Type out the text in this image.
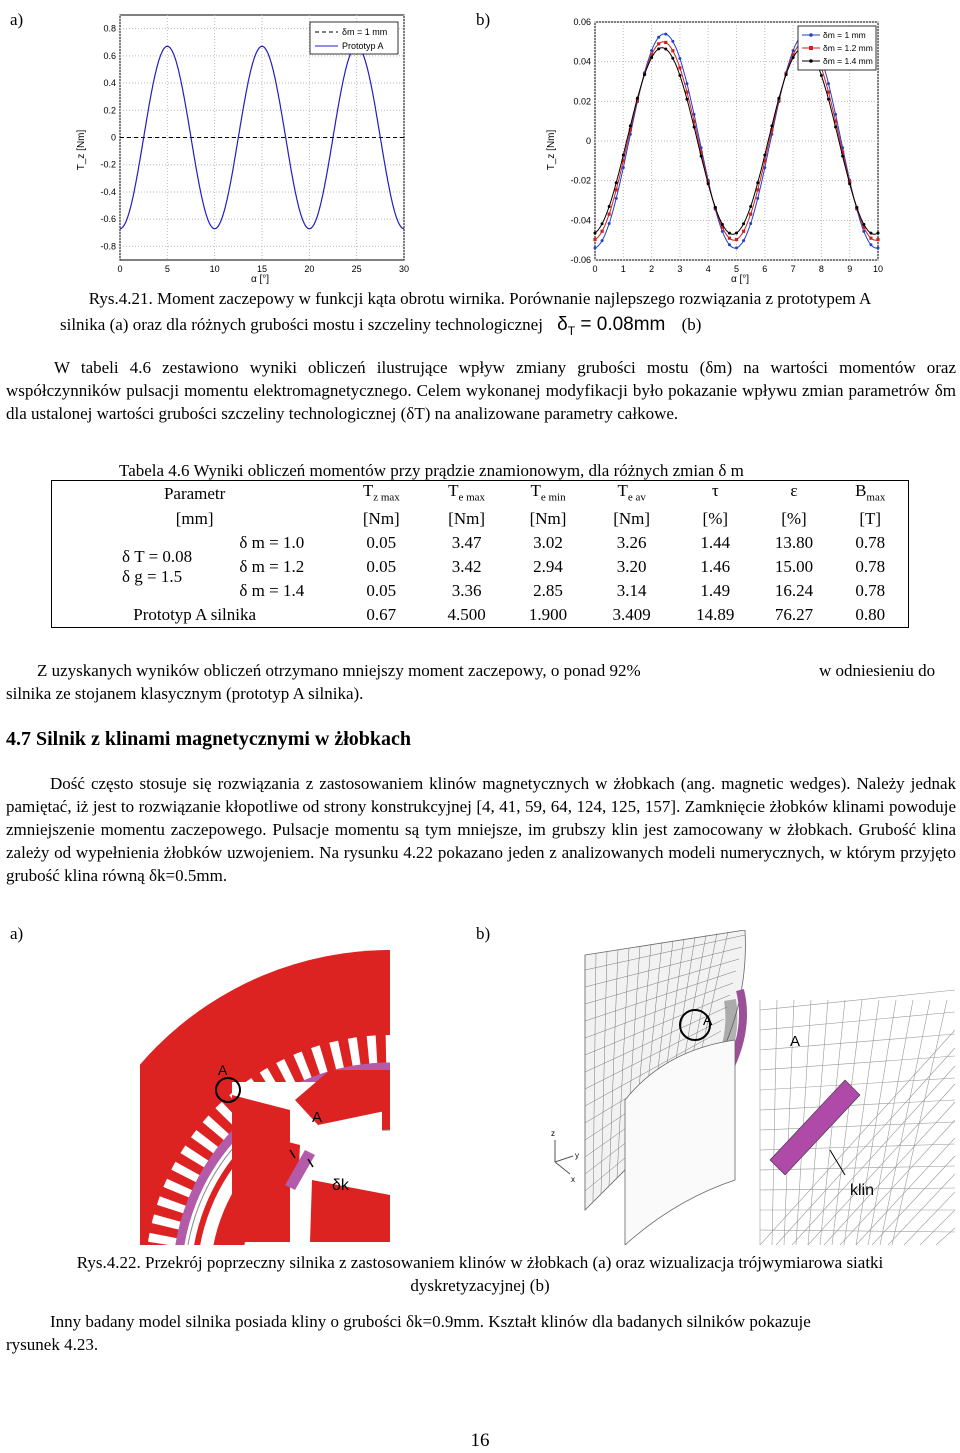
a)	b)
T_z [Nm]
α [°]
0	5	10	15	20	25	30
0.8
0.6
0.4
0.2
0
-0.2
-0.4
-0.6
-0.8
δm = 1 mm
Prototyp A
T_z [Nm]
α [°]
0	1	2	3	4	5	6	7	8	9 10
0.06
0.04
0.02
0
-0.02
-0.04
-0.06
δm = 1 mm
δm = 1.2 mm
δm = 1.4 mm
Rys.4.21. Moment zaczepowy w funkcji kąta obrotu wirnika. Porównanie najlepszego rozwiązania z prototypem A
silnika (a) oraz dla różnych grubości mostu i szczeliny technologicznej $\delta_T = 0.08mm$ (b)
W tabeli 4.6 zestawiono wyniki obliczeń ilustrujące wpływ zmiany grubości mostu (δm) na wartości momentów oraz współczynników pulsacji momentu elektromagnetycznego. Celem wykonanej modyfikacji było pokazanie wpływu zmian parametrów δm dla ustalonej wartości grubości szczeliny technologicznej (δT) na analizowane parametry całkowe.
Tabela 4.6 Wyniki obliczeń momentów przy prądzie znamionowym, dla różnych zmian δ m
Parametr		$T_{z max}$	$T_{e max}$	$T_{e min}$	$T_{e av}$	τ	ε	$B_{max}$
[mm]		[Nm]	[Nm]	[Nm]	[Nm]	[%]	[%]	[T]

δ T = 0.08
δ g = 1.5	δ m = 1.0	0.05	3.47	3.02	3.26	1.44	13.80	0.78
	δ m = 1.2	0.05	3.42	2.94	3.20	1.46	15.00	0.78
	δ m = 1.4	0.05	3.36	2.85	3.14	1.49	16.24	0.78
Prototyp A silnika		0.67	4.500	1.900	3.409	14.89	76.27	0.80
Z uzyskanych wyników obliczeń otrzymano mniejszy moment zaczepowy, o ponad 92%	w odniesieniu do
silnika ze stojanem klasycznym (prototyp A silnika).
4.7 Silnik z klinami magnetycznymi w żłobkach
Dość często stosuje się rozwiązania z zastosowaniem klinów magnetycznych w żłobkach (ang. magnetic wedges). Należy jednak pamiętać, iż jest to rozwiązanie kłopotliwe od strony konstrukcyjnej [4, 41, 59, 64, 124, 125, 157]. Zamknięcie żłobków klinami powoduje zmniejszenie momentu zaczepowego. Pulsacje momentu są tym mniejsze, im grubszy klin jest zamocowany w żłobkach. Grubość klina zależy od wypełnienia żłobków uzwojeniem. Na rysunku 4.22 pokazano jeden z analizowanych modeli numerycznych, w którym przyjęto grubość klina równą δk=0.5mm.
a)	b)
A
A
δk
A
A
klin
z
y
x
Rys.4.22. Przekrój poprzeczny silnika z zastosowaniem klinów w żłobkach (a) oraz wizualizacja trójwymiarowa siatki
dyskretyzacyjnej (b)
Inny badany model silnika posiada kliny o grubości δk=0.9mm. Kształt klinów dla badanych silników pokazuje
rysunek 4.23.
16
